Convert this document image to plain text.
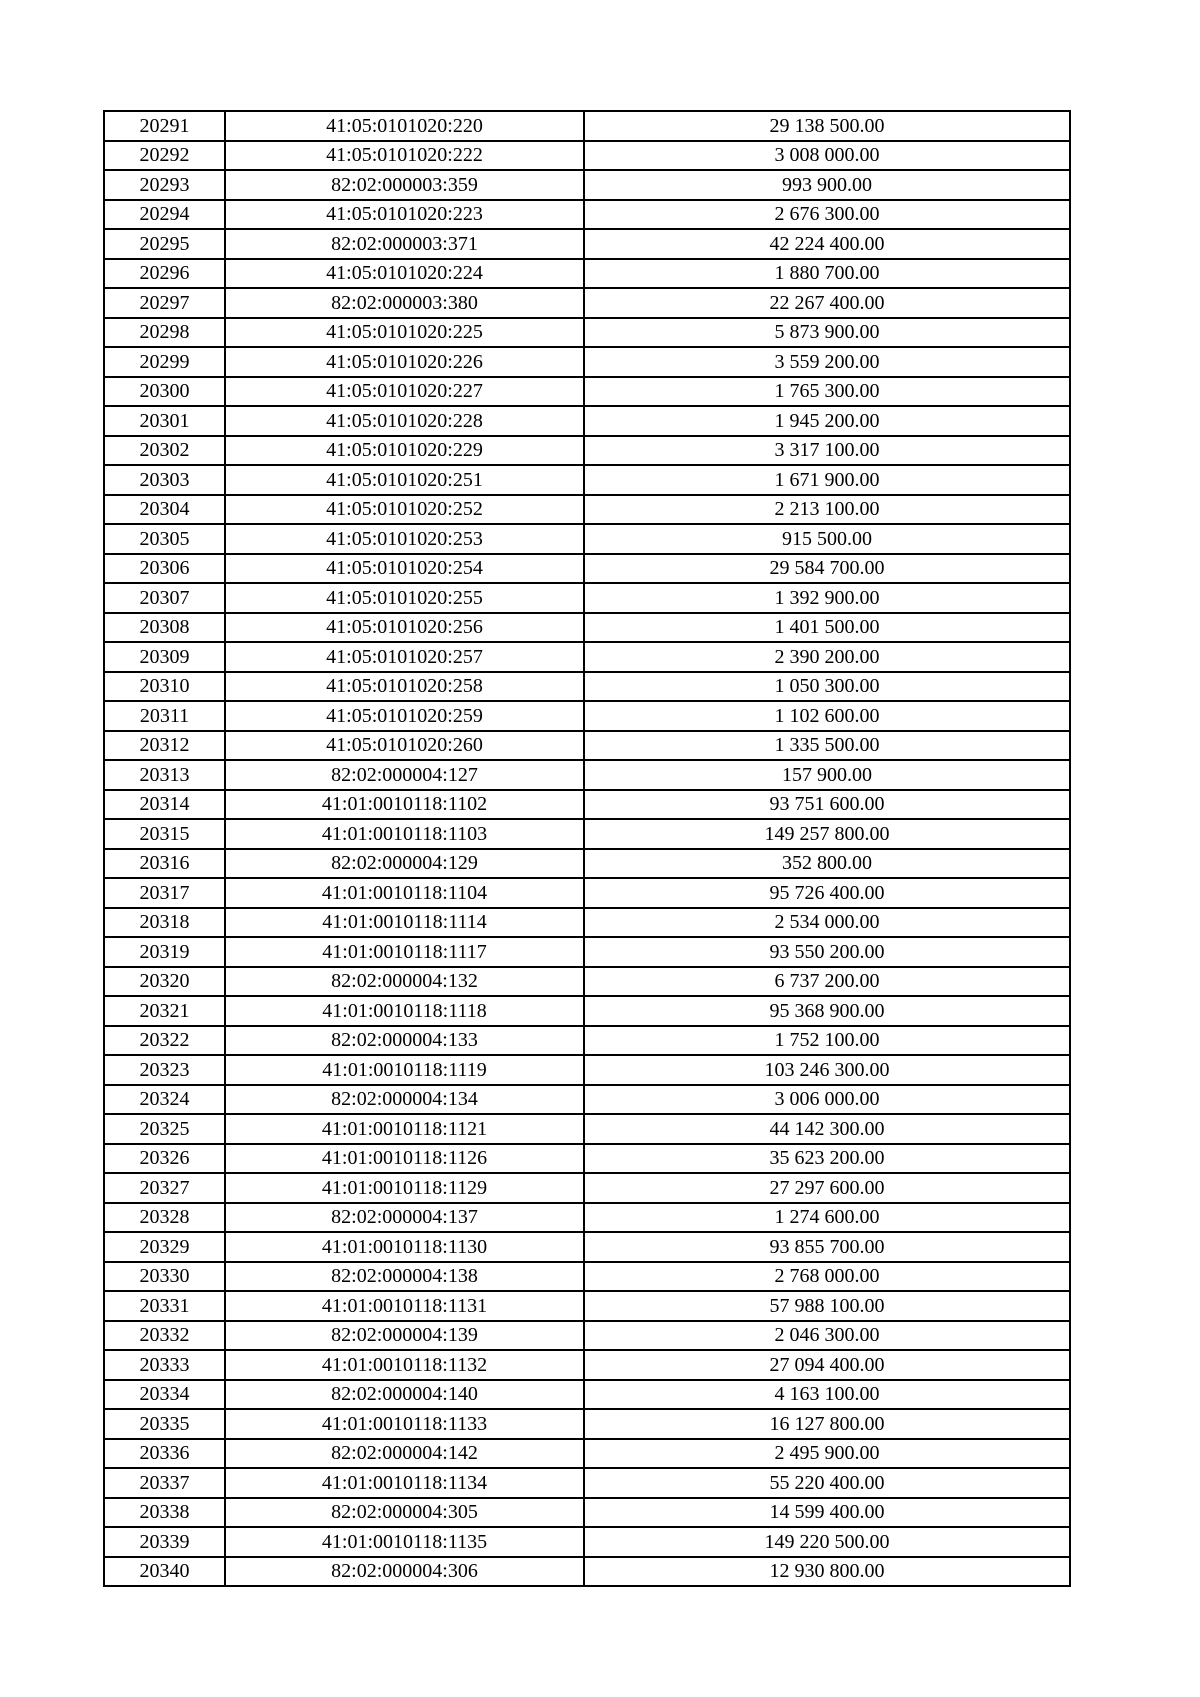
20291	41:05:0101020:220	29 138 500.00
20292	41:05:0101020:222	3 008 000.00
20293	82:02:000003:359	993 900.00
20294	41:05:0101020:223	2 676 300.00
20295	82:02:000003:371	42 224 400.00
20296	41:05:0101020:224	1 880 700.00
20297	82:02:000003:380	22 267 400.00
20298	41:05:0101020:225	5 873 900.00
20299	41:05:0101020:226	3 559 200.00
20300	41:05:0101020:227	1 765 300.00
20301	41:05:0101020:228	1 945 200.00
20302	41:05:0101020:229	3 317 100.00
20303	41:05:0101020:251	1 671 900.00
20304	41:05:0101020:252	2 213 100.00
20305	41:05:0101020:253	915 500.00
20306	41:05:0101020:254	29 584 700.00
20307	41:05:0101020:255	1 392 900.00
20308	41:05:0101020:256	1 401 500.00
20309	41:05:0101020:257	2 390 200.00
20310	41:05:0101020:258	1 050 300.00
20311	41:05:0101020:259	1 102 600.00
20312	41:05:0101020:260	1 335 500.00
20313	82:02:000004:127	157 900.00
20314	41:01:0010118:1102	93 751 600.00
20315	41:01:0010118:1103	149 257 800.00
20316	82:02:000004:129	352 800.00
20317	41:01:0010118:1104	95 726 400.00
20318	41:01:0010118:1114	2 534 000.00
20319	41:01:0010118:1117	93 550 200.00
20320	82:02:000004:132	6 737 200.00
20321	41:01:0010118:1118	95 368 900.00
20322	82:02:000004:133	1 752 100.00
20323	41:01:0010118:1119	103 246 300.00
20324	82:02:000004:134	3 006 000.00
20325	41:01:0010118:1121	44 142 300.00
20326	41:01:0010118:1126	35 623 200.00
20327	41:01:0010118:1129	27 297 600.00
20328	82:02:000004:137	1 274 600.00
20329	41:01:0010118:1130	93 855 700.00
20330	82:02:000004:138	2 768 000.00
20331	41:01:0010118:1131	57 988 100.00
20332	82:02:000004:139	2 046 300.00
20333	41:01:0010118:1132	27 094 400.00
20334	82:02:000004:140	4 163 100.00
20335	41:01:0010118:1133	16 127 800.00
20336	82:02:000004:142	2 495 900.00
20337	41:01:0010118:1134	55 220 400.00
20338	82:02:000004:305	14 599 400.00
20339	41:01:0010118:1135	149 220 500.00
20340	82:02:000004:306	12 930 800.00
